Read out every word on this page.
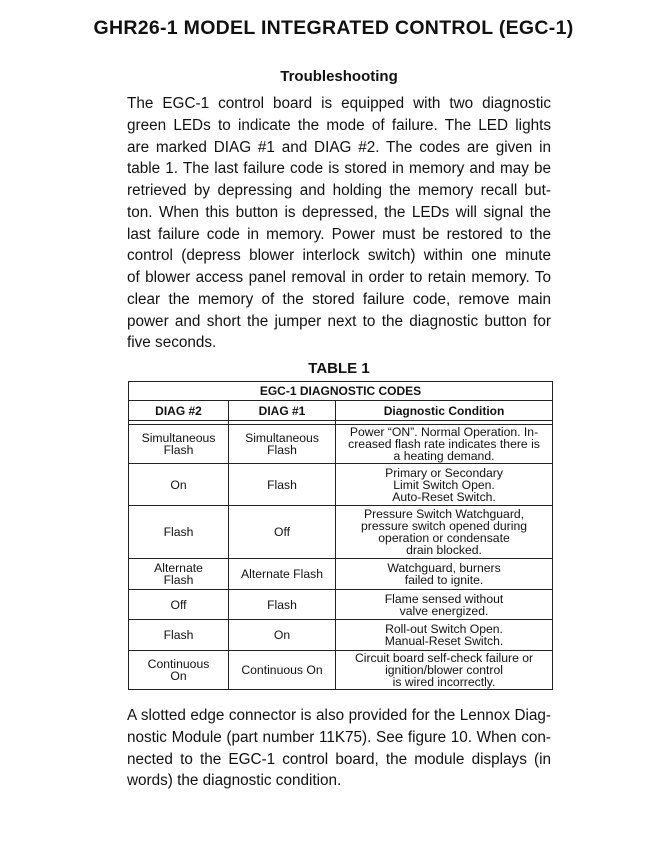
GHR26-1 MODEL INTEGRATED CONTROL (EGC-1)
Troubleshooting

The EGC-1 control board is equipped with two diagnostic
green LEDs to indicate the mode of failure. The LED lights
are marked DIAG #1 and DIAG #2. The codes are given in
table 1. The last failure code is stored in memory and may be
retrieved by depressing and holding the memory recall but-
ton. When this button is depressed, the LEDs will signal the
last failure code in memory. Power must be restored to the
control (depress blower interlock switch) within one minute
of blower access panel removal in order to retain memory. To
clear the memory of the stored failure code, remove main
power and short the jumper next to the diagnostic button for
five seconds.

TABLE 1
EGC-1 DIAGNOSTIC CODES		
DIAG #2	DIAG #1	Diagnostic Condition

Simultaneous
Flash	Simultaneous
Flash	Power “ON”. Normal Operation. In-
creased flash rate indicates there is
a heating demand.

On	Flash	Primary or Secondary
Limit Switch Open.
Auto-Reset Switch.

Flash	Off	Pressure Switch Watchguard,
pressure switch opened during
operation or condensate
drain blocked.

Alternate
Flash	Alternate Flash	Watchguard, burners
failed to ignite.

Off	Flash	Flame sensed without
valve energized.

Flash	On	Roll-out Switch Open.
Manual-Reset Switch.

Continuous
On	Continuous On	Circuit board self-check failure or
ignition/blower control
is wired incorrectly.

A slotted edge connector is also provided for the Lennox Diag-
nostic Module (part number 11K75). See figure 10. When con-
nected to the EGC-1 control board, the module displays (in
words) the diagnostic condition.
